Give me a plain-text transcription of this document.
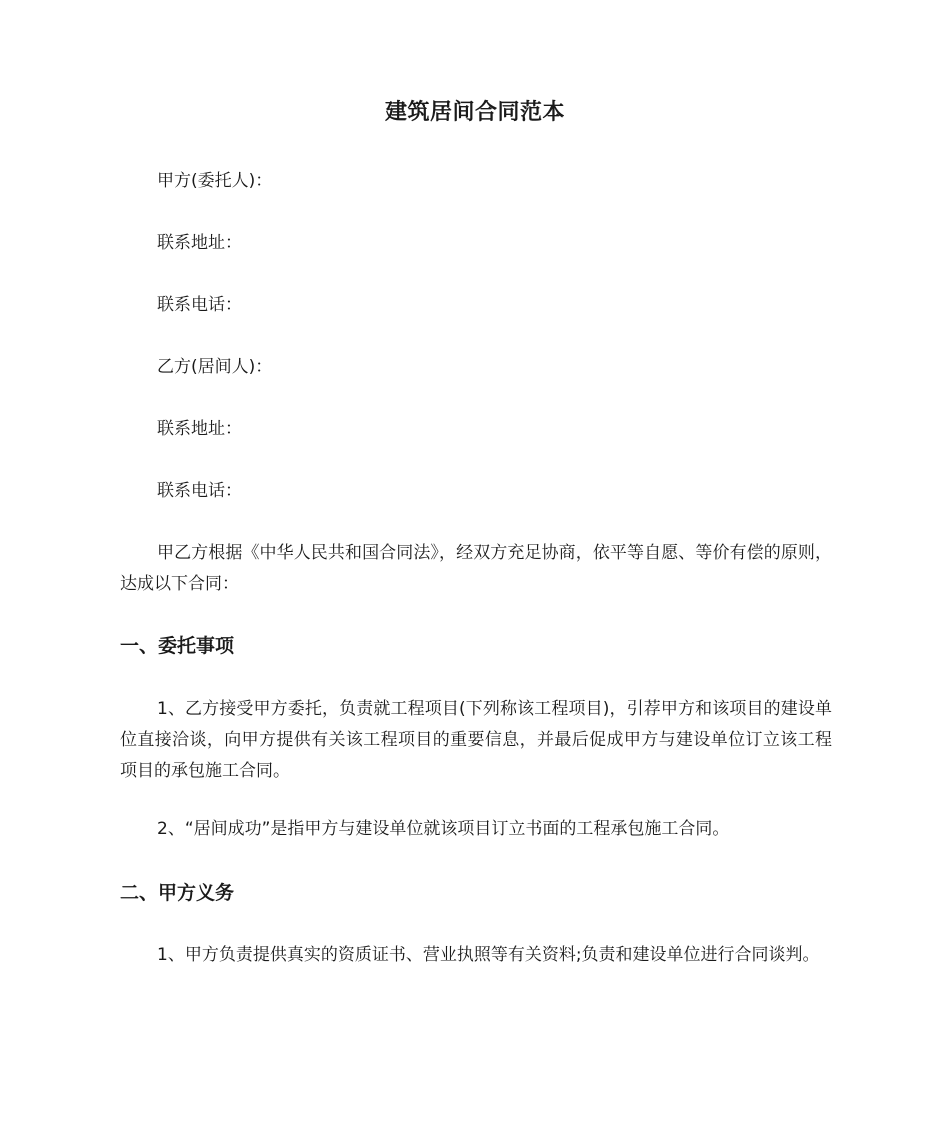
建筑居间合同范本
甲方(委托人)：
联系地址：
联系电话：
乙方(居间人)：
联系地址：
联系电话：
甲乙方根据《中华人民共和国合同法》，经双方充足协商，依平等自愿、等价有偿的原则，达成以下合同：
一、委托事项
1、乙方接受甲方委托，负责就工程项目(下列称该工程项目)，引荐甲方和该项目的建设单位直接洽谈，向甲方提供有关该工程项目的重要信息，并最后促成甲方与建设单位订立该工程项目的承包施工合同。
2、“居间成功”是指甲方与建设单位就该项目订立书面的工程承包施工合同。
二、甲方义务
1、甲方负责提供真实的资质证书、营业执照等有关资料;负责和建设单位进行合同谈判。
